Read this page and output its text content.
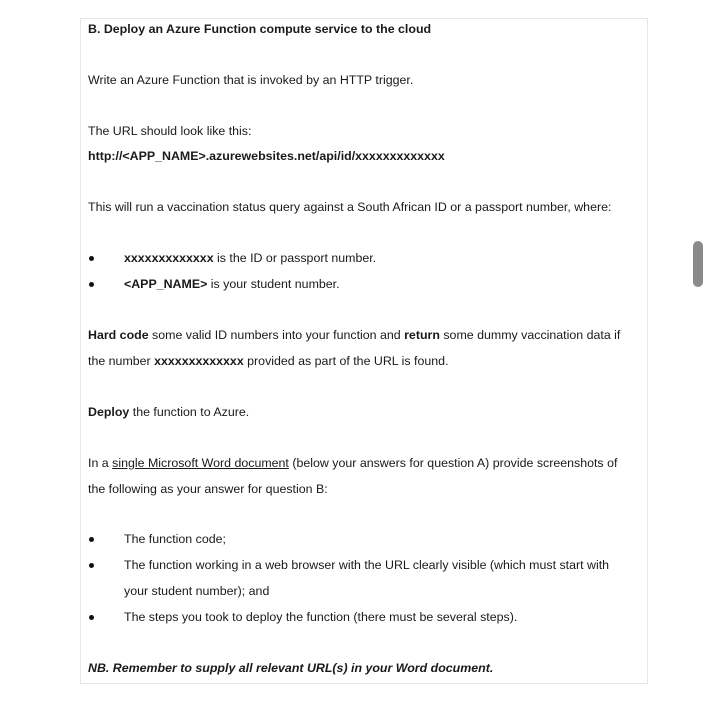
B. Deploy an Azure Function compute service to the cloud
Write an Azure Function that is invoked by an HTTP trigger.
The URL should look like this:
http://<APP_NAME>.azurewebsites.net/api/id/xxxxxxxxxxxxx
This will run a vaccination status query against a South African ID or a passport number, where:
xxxxxxxxxxxxx is the ID or passport number.
<APP_NAME> is your student number.
Hard code some valid ID numbers into your function and return some dummy vaccination data if
the number xxxxxxxxxxxxx provided as part of the URL is found.
Deploy the function to Azure.
In a single Microsoft Word document (below your answers for question A) provide screenshots of
the following as your answer for question B:
The function code;
The function working in a web browser with the URL clearly visible (which must start with
your student number); and
The steps you took to deploy the function (there must be several steps).
NB. Remember to supply all relevant URL(s) in your Word document.
